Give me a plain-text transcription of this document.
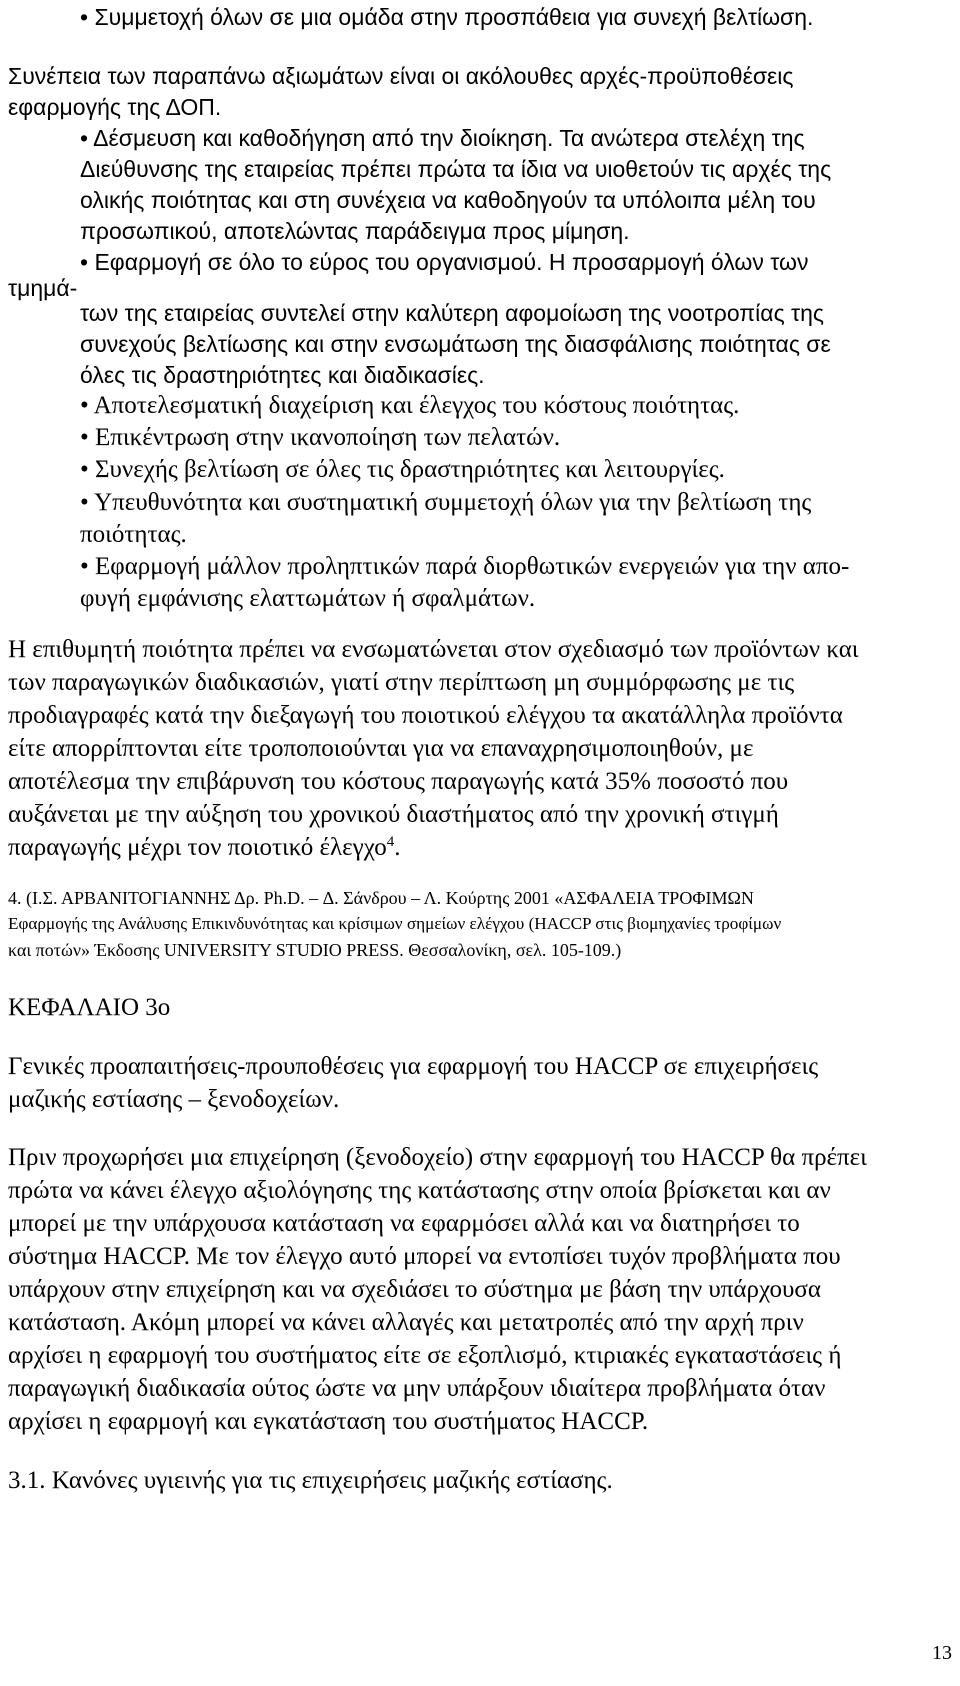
• Συμμετοχή όλων σε μια ομάδα στην προσπάθεια για συνεχή βελτίωση.
Συνέπεια των παραπάνω αξιωμάτων είναι οι ακόλουθες αρχές-προϋποθέσεις
εφαρμογής της ΔΟΠ.
• Δέσμευση και καθοδήγηση από την διοίκηση. Τα ανώτερα στελέχη της
Διεύθυνσης της εταιρείας πρέπει πρώτα τα ίδια να υιοθετούν τις αρχές της
ολικής ποιότητας και στη συνέχεια να καθοδηγούν τα υπόλοιπα μέλη του
προσωπικού, αποτελώντας παράδειγμα προς μίμηση.
• Εφαρμογή σε όλο το εύρος του οργανισμού. Η προσαρμογή όλων των
τμημά-
των της εταιρείας συντελεί στην καλύτερη αφομοίωση της νοοτροπίας της
συνεχούς βελτίωσης και στην ενσωμάτωση της διασφάλισης ποιότητας σε
όλες τις δραστηριότητες και διαδικασίες.
• Αποτελεσματική διαχείριση και έλεγχος του κόστους ποιότητας.
• Επικέντρωση στην ικανοποίηση των πελατών.
• Συνεχής βελτίωση σε όλες τις δραστηριότητες και λειτουργίες.
• Υπευθυνότητα και συστηματική συμμετοχή όλων για την βελτίωση της
ποιότητας.
• Εφαρμογή μάλλον προληπτικών παρά διορθωτικών ενεργειών για την απο-
φυγή εμφάνισης ελαττωμάτων ή σφαλμάτων.
Η επιθυμητή ποιότητα πρέπει να ενσωματώνεται στον σχεδιασμό των προϊόντων και
των παραγωγικών διαδικασιών, γιατί στην περίπτωση μη συμμόρφωσης με τις
προδιαγραφές κατά την διεξαγωγή του ποιοτικού ελέγχου τα ακατάλληλα προϊόντα
είτε απορρίπτονται είτε τροποποιούνται για να επαναχρησιμοποιηθούν, με
αποτέλεσμα την επιβάρυνση του κόστους παραγωγής κατά 35% ποσοστό που
αυξάνεται με την αύξηση του χρονικού διαστήματος από την χρονική στιγμή
παραγωγής μέχρι τον ποιοτικό έλεγχο$^4$.
4. (Ι.Σ. ΑΡΒΑΝΙΤΟΓΙΑΝΝΗΣ Δρ. Ph.D. – Δ. Σάνδρου – Λ. Κούρτης 2001 «ΑΣΦΑΛΕΙΑ ΤΡΟΦΙΜΩΝ
Εφαρμογής της Ανάλυσης Επικινδυνότητας και κρίσιμων σημείων ελέγχου (HACCP στις βιομηχανίες τροφίμων
και ποτών» Έκδοσης UNIVERSITY STUDIO PRESS. Θεσσαλονίκη, σελ. 105-109.)
ΚΕΦΑΛΑΙΟ 3ο
Γενικές προαπαιτήσεις-προυποθέσεις για εφαρμογή του HACCP σε επιχειρήσεις
μαζικής εστίασης – ξενοδοχείων.
Πριν προχωρήσει μια επιχείρηση (ξενοδοχείο) στην εφαρμογή του HACCP θα πρέπει
πρώτα να κάνει έλεγχο αξιολόγησης της κατάστασης στην οποία βρίσκεται και αν
μπορεί με την υπάρχουσα κατάσταση να εφαρμόσει αλλά και να διατηρήσει το
σύστημα HACCP. Με τον έλεγχο αυτό μπορεί να εντοπίσει τυχόν προβλήματα που
υπάρχουν στην επιχείρηση και να σχεδιάσει το σύστημα με βάση την υπάρχουσα
κατάσταση. Ακόμη μπορεί να κάνει αλλαγές και μετατροπές από την αρχή πριν
αρχίσει η εφαρμογή του συστήματος είτε σε εξοπλισμό, κτιριακές εγκαταστάσεις ή
παραγωγική διαδικασία ούτος ώστε να μην υπάρξουν ιδιαίτερα προβλήματα όταν
αρχίσει η εφαρμογή και εγκατάσταση του συστήματος HACCP.
3.1. Κανόνες υγιεινής για τις επιχειρήσεις μαζικής εστίασης.
13
